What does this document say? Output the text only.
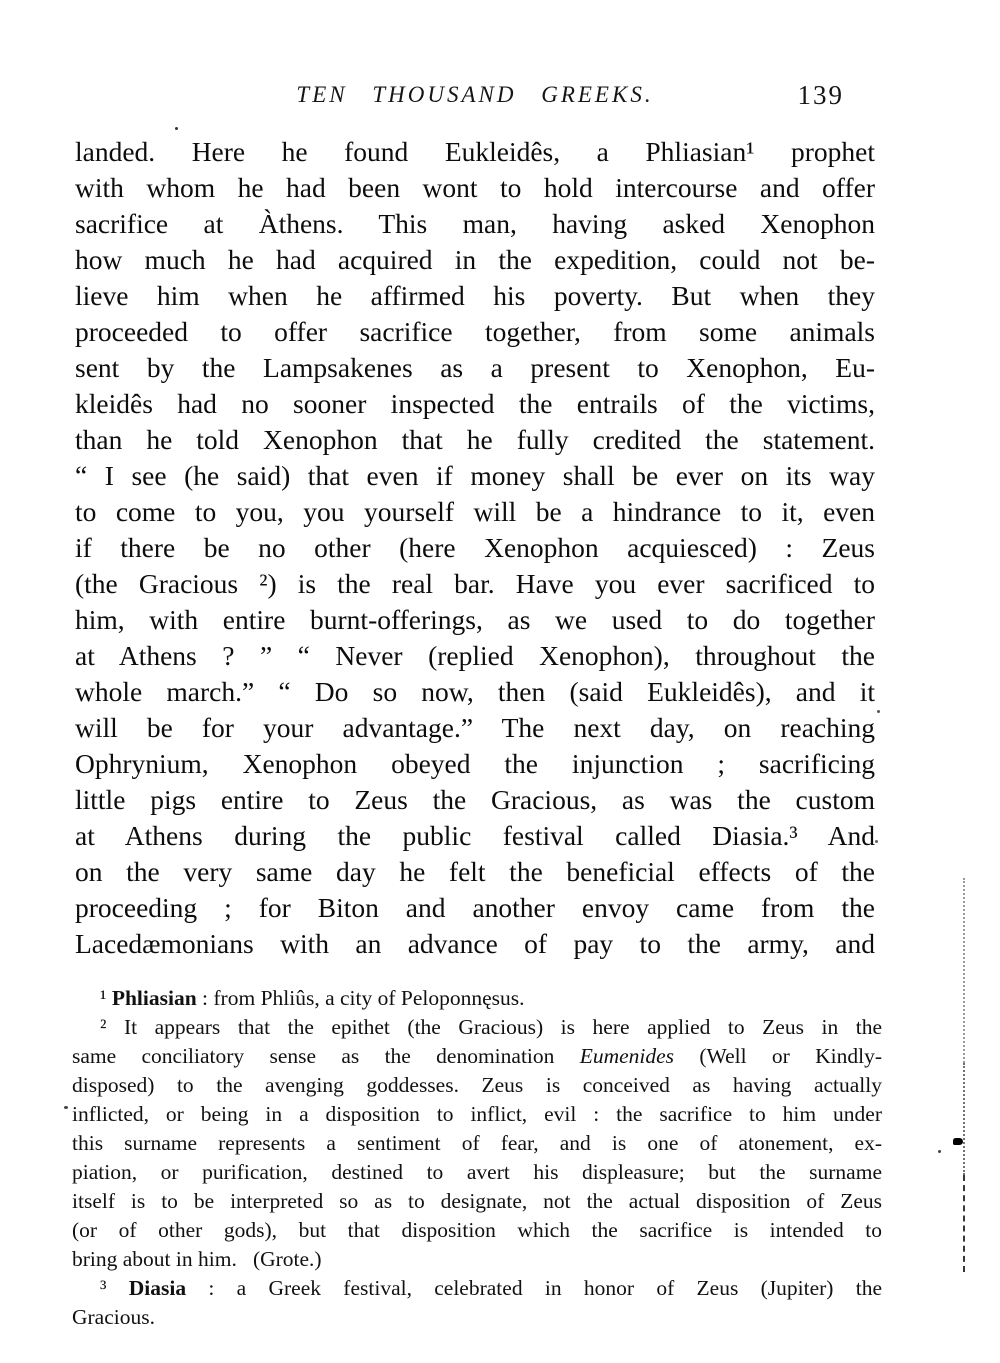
TEN THOUSAND GREEKS.	139
landed. Here he found Eukleidês, a Phliasian¹ prophet
with whom he had been wont to hold intercourse and offer
sacrifice at Àthens. This man, having asked Xenophon
how much he had acquired in the expedition, could not be-
lieve him when he affirmed his poverty. But when they
proceeded to offer sacrifice together, from some animals
sent by the Lampsakenes as a present to Xenophon, Eu-
kleidês had no sooner inspected the entrails of the victims,
than he told Xenophon that he fully credited the statement.
“ I see (he said) that even if money shall be ever on its way
to come to you, you yourself will be a hindrance to it, even
if there be no other (here Xenophon acquiesced) : Zeus
(the Gracious ²) is the real bar. Have you ever sacrificed to
him, with entire burnt-offerings, as we used to do together
at Athens ? ” “ Never (replied Xenophon), throughout the
whole march.” “ Do so now, then (said Eukleidês), and it
will be for your advantage.” The next day, on reaching
Ophrynium, Xenophon obeyed the injunction ; sacrificing
little pigs entire to Zeus the Gracious, as was the custom
at Athens during the public festival called Diasia.³ And
on the very same day he felt the beneficial effects of the
proceeding ; for Biton and another envoy came from the
Lacedæmonians with an advance of pay to the army, and
¹ Phliasian : from Phliûs, a city of Peloponnęsus.
² It appears that the epithet (the Gracious) is here applied to Zeus in the
same conciliatory sense as the denomination Eumenides (Well or Kindly-
disposed) to the avenging goddesses. Zeus is conceived as having actually
inflicted, or being in a disposition to inflict, evil : the sacrifice to him under
this surname represents a sentiment of fear, and is one of atonement, ex-
piation, or purification, destined to avert his displeasure; but the surname
itself is to be interpreted so as to designate, not the actual disposition of Zeus
(or of other gods), but that disposition which the sacrifice is intended to
bring about in him.   (Grote.)
³ Diasia : a Greek festival, celebrated in honor of Zeus (Jupiter) the
Gracious.
